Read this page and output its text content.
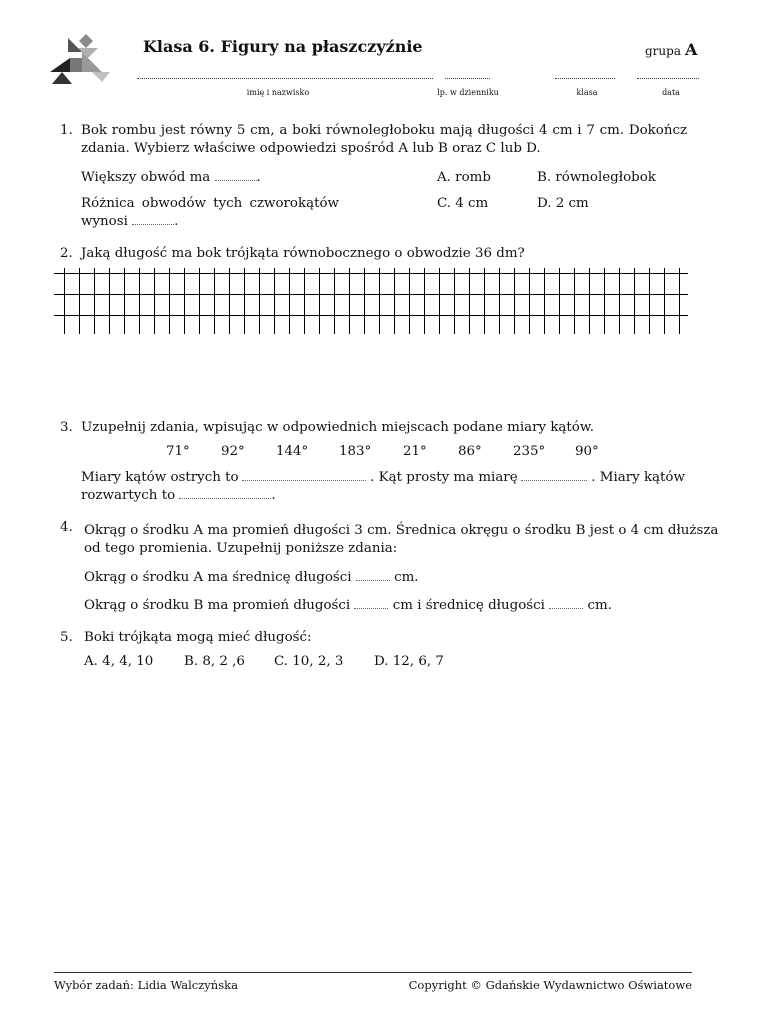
Klasa 6. Figury na płaszczyźnie	grupa A
imię i nazwisko	lp. w dzienniku	klasa	data
1. Bok rombu jest równy 5 cm, a boki równoległoboku mają długości 4 cm i 7 cm. Dokończ
zdania. Wybierz właściwe odpowiedzi spośród A lub B oraz C lub D.
Większy obwód ma	.
Różnica obwodów tych czworokątów
wynosi	.
A. romb	B. równoległobok
C. 4 cm	D. 2 cm
2. Jaką długość ma bok trójkąta równobocznego o obwodzie 36 dm?
3. Uzupełnij zdania, wpisując w odpowiednich miejscach podane miary kątów.
71° 92° 144° 183° 21° 86° 235° 90°
Miary kątów ostrych to	. Kąt prosty ma miarę	. Miary kątów
rozwartych to	.
4. Okrąg o środku A ma promień długości 3 cm. Średnica okręgu o środku B jest o 4 cm dłuższa
od tego promienia. Uzupełnij poniższe zdania:
Okrąg o środku A ma średnicę długości	cm.
Okrąg o środku B ma promień długości	cm i średnicę długości	cm.
5. Boki trójkąta mogą mieć długość:
A. 4, 4, 10 B. 8, 2 ,6 C. 10, 2, 3 D. 12, 6, 7
Wybór zadań: Lidia Walczyńska	Copyright © Gdańskie Wydawnictwo Oświatowe
